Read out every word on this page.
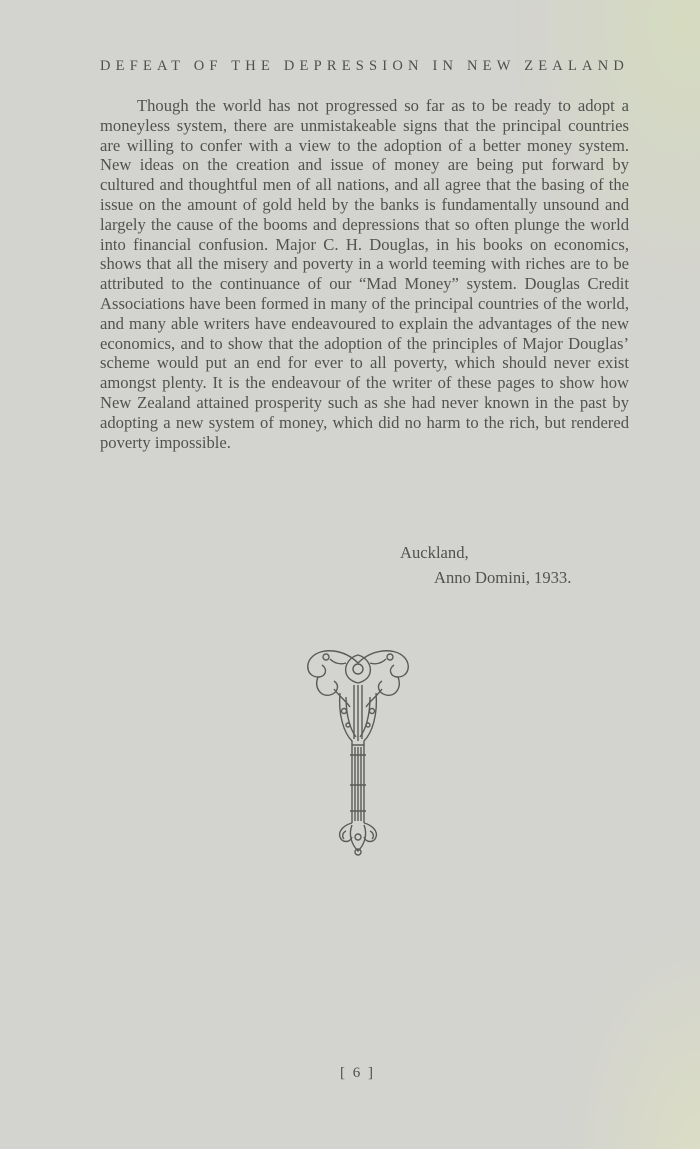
DEFEAT OF THE DEPRESSION IN NEW ZEALAND

Though the world has not progressed so far as to be ready to adopt a moneyless system, there are unmistakeable signs that the principal countries are willing to confer with a view to the adoption of a better money system. New ideas on the creation and issue of money are being put forward by cultured and thoughtful men of all nations, and all agree that the basing of the issue on the amount of gold held by the banks is fundamentally unsound and largely the cause of the booms and depressions that so often plunge the world into financial confusion. Major C. H. Douglas, in his books on economics, shows that all the misery and poverty in a world teeming with riches are to be attributed to the continuance of our “Mad Money” system. Douglas Credit Associations have been formed in many of the principal countries of the world, and many able writers have endeavoured to explain the advantages of the new economics, and to show that the adoption of the principles of Major Douglas’ scheme would put an end for ever to all poverty, which should never exist amongst plenty. It is the endeavour of the writer of these pages to show how New Zealand attained prosperity such as she had never known in the past by adopting a new system of money, which did no harm to the rich, but rendered poverty impossible.

Auckland,
Anno Domini, 1933.
[ 6 ]
